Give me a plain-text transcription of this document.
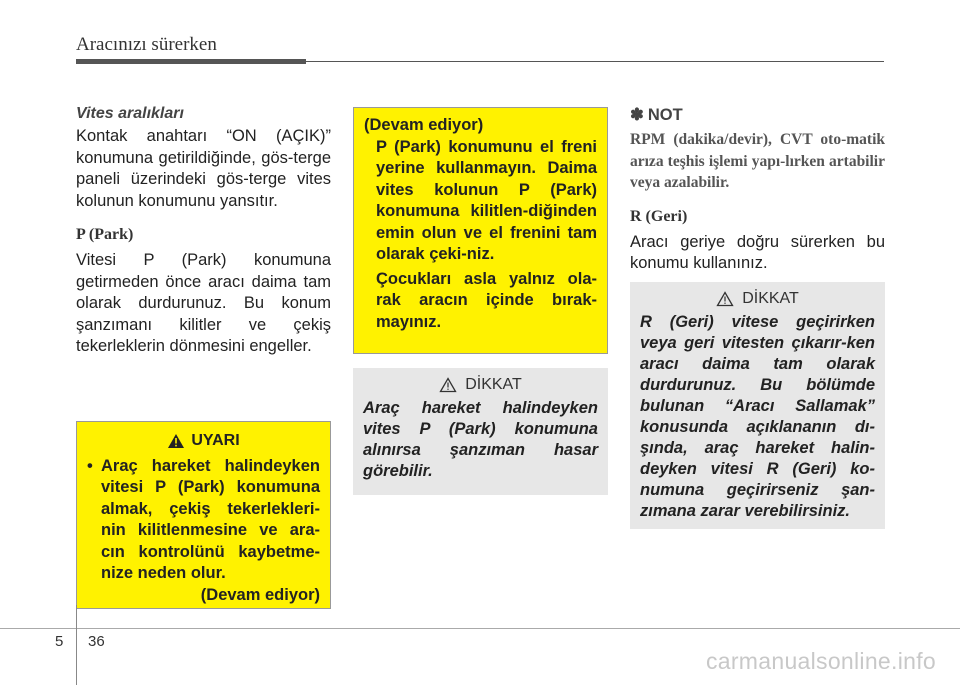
Aracınızı sürerken

Vites aralıkları

Kontak anahtarı “ON (AÇIK)” konumuna getirildiğinde, gös-terge paneli üzerindeki gös-terge vites kolunun konumunu yansıtır.

P (Park)

Vitesi P (Park) konumuna getirmeden önce aracı daima tam olarak durdurunuz. Bu konum şanzımanı kilitler ve çekiş tekerleklerin dönmesini engeller.

UYARI
• Araç hareket halindeyken vitesi P (Park) konumuna almak, çekiş tekerlekleri-nin kilitlenmesine ve ara-cın kontrolünü kaybetme-nize neden olur.
(Devam ediyor)
(Devam ediyor)
P (Park) konumunu el freni yerine kullanmayın. Daima vites kolunun P (Park) konumuna kilitlen-diğinden emin olun ve el frenini tam olarak çeki-niz.
Çocukları asla yalnız ola-rak aracın içinde bırak-mayınız.
DİKKAT
Araç hareket halindeyken vites P (Park) konumuna alınırsa şanzıman hasar görebilir.
✽ NOT

RPM (dakika/devir), CVT oto-matik arıza teşhis işlemi yapı-lırken artabilir veya azalabilir.

R (Geri)

Aracı geriye doğru sürerken bu konumu kullanınız.

DİKKAT
R (Geri) vitese geçirirken veya geri vitesten çıkarır-ken aracı daima tam olarak durdurunuz. Bu bölümde bulunan “Aracı Sallamak” konusunda açıklananın dı-şında, araç hareket halin-deyken vitesi R (Geri) ko-numuna geçirirseniz şan-zımana zarar verebilirsiniz.
5 36
carmanualsonline.info
